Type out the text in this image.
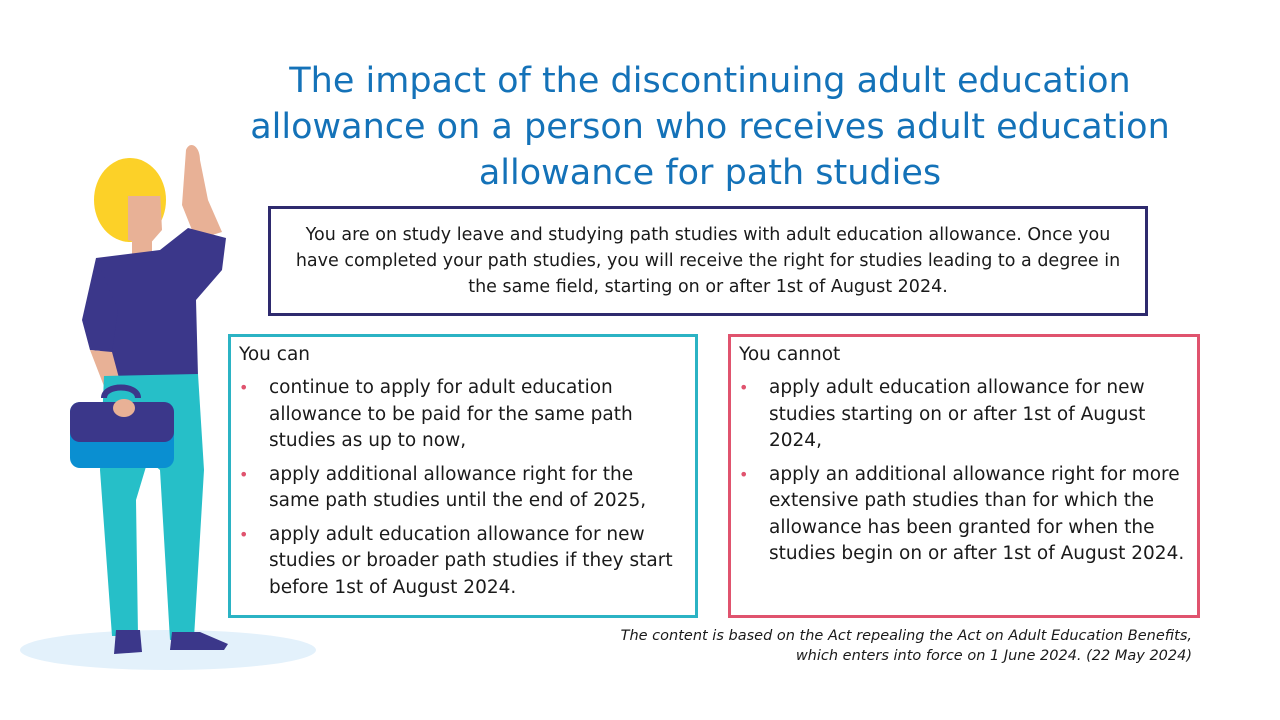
The impact of the discontinuing adult education allowance on a person who receives adult education allowance for path studies

You are on study leave and studying path studies with adult education allowance. Once you have completed your path studies, you will receive the right for studies leading to a degree in the same field, starting on or after 1st of August 2024.

You can
• continue to apply for adult education allowance to be paid for the same path studies as up to now,
• apply additional allowance right for the same path studies until the end of 2025,
• apply adult education allowance for new studies or broader path studies if they start before 1st of August 2024.
You cannot
• apply adult education allowance for new studies starting on or after 1st of August 2024,
• apply an additional allowance right for more extensive path studies than for which the allowance has been granted for when the studies begin on or after 1st of August 2024.
The content is based on the Act repealing the Act on Adult Education Benefits,
which enters into force on 1 June 2024. (22 May 2024)
